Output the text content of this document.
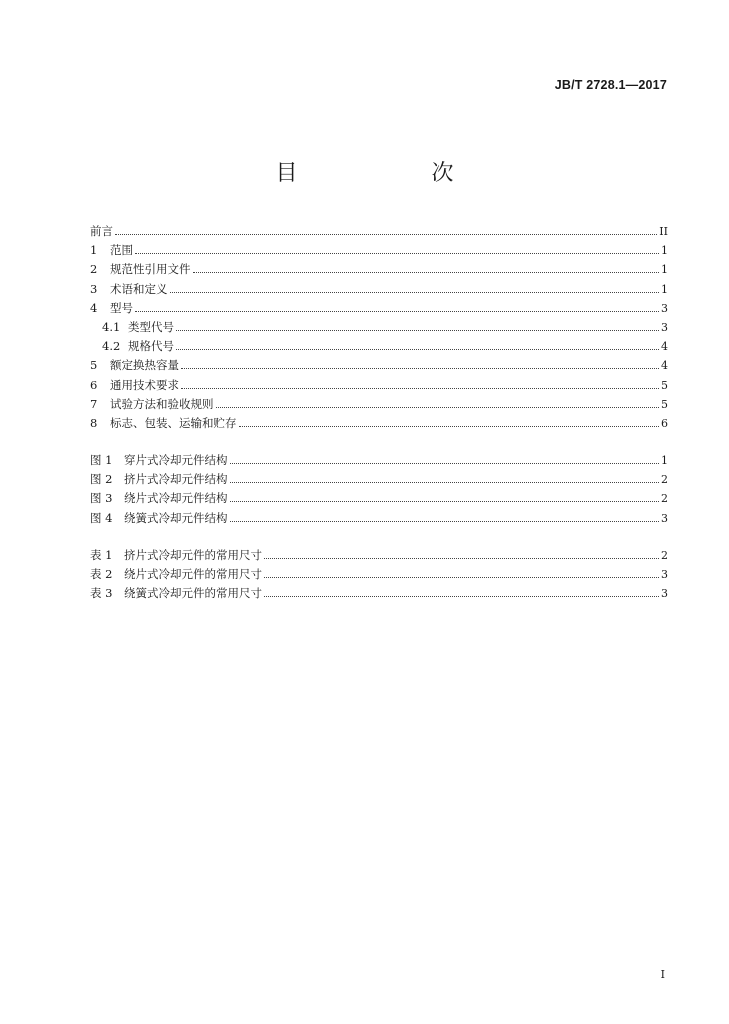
JB/T 2728.1—2017
目　　次
前言	II
1	范围	1
2	规范性引用文件	1
3	术语和定义	1
4	型号	3
4.1 类型代号	3
4.2 规格代号	4
5	额定换热容量	4
6	通用技术要求	5
7	试验方法和验收规则	5
8	标志、包装、运输和贮存	6
图 1	穿片式冷却元件结构	1
图 2	挤片式冷却元件结构	2
图 3	绕片式冷却元件结构	2
图 4	绕簧式冷却元件结构	3
表 1	挤片式冷却元件的常用尺寸	2
表 2	绕片式冷却元件的常用尺寸	3
表 3	绕簧式冷却元件的常用尺寸	3
I
